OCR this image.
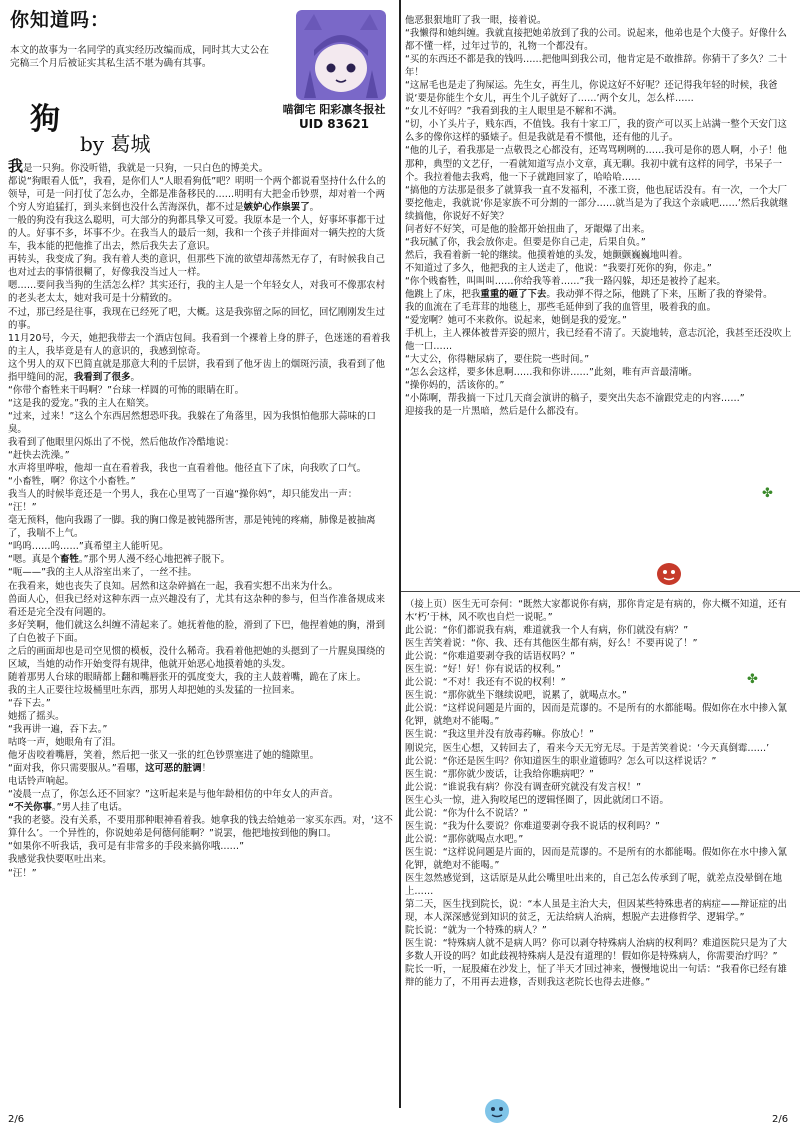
你知道吗：
本文的故事为一名同学的真实经历改编而成，同时其大丈公在完稿三个月后被证实其私生活不堪为确有其事。
狗
by 葛城
喵御宅 阳彩凛冬报社
UID 83621

我是一只狗。你没听错，我就是一只狗，一只白色的博美犬。

都说“狗眼看人低”，我看，是你们人“人眼看狗低”吧？明明一个两个都说看坚持什么什么的领导，可是一问打仗了怎么办，全都是准备移民的……明明有大把金币钞票，却对着一个两个穷人穷追猛打，到头来倒也没什么苦海深仇，都不过是嫉妒心作祟罢了。

一般的狗没有我这么聪明，可大部分的狗都具挚又可爱。我原本是一个人，好事坏事都干过的人。好事不多，坏事不少。在我当人的最后一刻，我和一个孩子并排面对一辆失控的大货车，我本能的把他推了出去，然后我失去了意识。

再转头，我变成了狗。我有着人类的意识，但那些下流的欲望却荡然无存了，有时候我自己也对过去的事情很糊了，好像我没当过人一样。

嗯……要问我当狗的生活怎么样？其实还行，我的主人是一个年轻女人，对我可不像那农村的老头老太太，她对我可是十分精致的。

不过，那已经是往事，我现在已经死了吧，大概。这是我弥留之际的回忆，回忆刚刚发生过的事。

11月20号，今天，她把我带去一个酒店包间。我看到一个裸着上身的胖子，色迷迷的看着我的主人，我毕竟是有人的意识的，我感到惊奇。

这个男人的双下巴简直就是那意大利的千层饼，我看到了他牙齿上的烟斑污渍，我看到了他指甲缝间的泥，我看到了很多。

“你带个畜牲来干吗啊？”台球一样圆的可怖的眼睛在盯。

“这是我的爱宠。”我的主人在赔笑。

“过来，过来！”这么个东西居然想恐吓我。我躲在了角落里，因为我惧怕他那大蒜味的口臭。

我看到了他眼里闪烁出了不悦，然后他故作冷酷地说：

“赶快去洗澡。”

水声将里哗啦，他却一直在看着我，我也一直看着他。他径直下了床，向我吹了口气。

“小畜牲，啊？你这个小畜牲。”

我当人的时候毕竟还是一个男人，我在心里骂了一百遍“操你妈”，却只能发出一声：

“汪！”

毫无预料，他向我踢了一脚。我的胸口像是被钝器所害，那是钝钝的疼痛，肺像是被抽离了，我喘不上气。

“呜呜……呜……”真希望主人能听见。

“嗯。真是个畜牲。”那个男人漫不经心地把裤子脱下。

“呃——”我的主人从浴室出来了，一丝不挂。

在我看来，她也丧失了良知。居然和这杂碎搞在一起，我看实想不出来为什么。

兽面人心，但我已经对这种东西一点兴趣没有了，尤其有这杂种的参与，但当作准备规成来看还是完全没有问题的。

多好笑啊，他们就这么纠缠不清起来了。她抚着他的脸，滑到了下巴，他捏着她的胸，滑到了白色被子下面。

之后的画面却也是司空见惯的模板，没什么稀奇。我看着他把她的头摁到了一片腥臭围绕的区域，当她的动作开始变得有规律，他就开始恶心地摸着她的头发。

随着那男人台球的眼睛都上翻和嘴唇张开的弧度变大，我的主人鼓着嘴，跪在了床上。

我的主人正要往垃圾桶里吐东西，那男人却把她的头发猛的一拉回来。

“吞下去。”

她摇了摇头。

“我再讲一遍，吞下去。”

咕咚一声，她眼角有了泪。

他牙齿咬着嘴唇，笑着，然后把一张又一张的红色钞票塞进了她的缝隙里。

“面对我，你只需要服从。”看哪，这可恶的脏调！

电话铃声响起。

“凌晨一点了，你怎么还不回家？”这听起来是与他年龄相仿的中年女人的声音。

“不关你事。”男人挂了电话。

“我的老婆。没有关系，不要用那种眼神看着我。她拿我的钱去给她弟一家买东西。对，‘这不算什么’。一个异性的，你说她弟是何德何能啊？”说罢，他把地按到他的胸口。

“如果你不听我话，我可是有非常多的手段来搞你哦……”

我感觉我快要呕吐出来。

“汪！”

他恶狠狠地盯了我一眼，接着说。

“我懒得和她纠缠。我就直接把她弟放到了我的公司。说起来，他弟也是个大傻子。好像什么都不懂一样，过年过节的，礼物一个都没有。

“买的东西还不都是我的钱吗……把他叫到我公司，他肯定是不敢推辞。你猜干了多久？二十年！

“这屌毛也是走了狗屎运。先生女，再生儿，你说这好不好呢？还记得我年轻的时候，我爸说‘要是你能生个女儿，再生个儿子就好了……’两个女儿，怎么样……

“女儿不好吗？”我看到我的主人眼里是不解和不满。

“切，小丫头片子，贱东西，不值钱。我有十家工厂，我的资产可以买上站满一整个天安门这么多的像你这样的骚婊子。但是我就是看不惯他，还有他的儿子。

“他的儿子，看我那是一点敬畏之心都没有，还骂骂咧咧的……我可是你的恩人啊，小子！他那种，典型的文艺仔，一看就知道写点小文章，真无聊。我初中就有这样的同学，书呆子一个。我拉着他去我鸡，他一下子就跑回家了，哈哈哈……

“搞他的方法那是很多了就算我一直不发福利，不涨工资，他也屁话没有。有一次，一个大厂要挖他走，我就说‘你是家族不可分割的一部分……就当是为了我这个亲戚吧……’然后我就继续搞他，你说好不好笑？

问者好不好笑，可是他的脸都开始扭曲了，牙龈爆了出来。

“我玩腻了你，我会放你走。但要是你自己走，后果自负。”

然后，我看着新一轮的继续。他摸着她的头发，她颤颤巍巍地叫着。

不知道过了多久，他把我的主人送走了，他说：“我要打死你的狗，你走。”

“你个贱畜牲，叫叫叫……你给我等着……”我一路闪躲，却还是被拎了起来。

他跳上了床，把我重重的砸了下去。我动弹不得之际，他跳了下来，压断了我的脊梁骨。

我的血流在了毛茸茸的地毯上，那些毛延伸到了我的血管里，吸着我的血。

“爱宠啊？她可不来救你。说起来，她倒是我的爱宠。”

手机上，主人裸体被普弄姿的照片，我已经看不清了。天旋地转，意志沉沦，我甚至还没吹上他一口……

“大丈公，你得糖尿病了，要住院一些时间。”

“怎么会这样，要多休息啊……我和你讲……”此刻，唯有声音最清晰。

“操你妈的，活该你的。”

“小陈啊，帮我搞一下过几天商会演讲的稿子，要突出失态不渝跟党走的内容……”

迎接我的是一片黑暗，然后是什么都没有。

（接上页）医生无可奈何：“既然大家都说你有病，那你肯定是有病的，你大概不知道，还有木‘朽’于林，风不吹也自烂一说呢。”

此公说：“你们都说我有病，难道就我一个人有病，你们就没有病？”

医生苦笑着说：“你、我、还有其他医生都有病，好么！不要再说了！”

此公说：“你难道要剥夺我的话语权吗？”

医生说：“好！好！你有说话的权利。”

此公说：“不对！我还有不说的权利！”

医生说：“那你就坐下继续说吧，说累了，就喝点水。”

此公说：“这样说问题是片面的，因而是荒谬的。不是所有的水都能喝。假如你在水中掺入氰化钾，就绝对不能喝。”

医生说：“我这里并没有放毒药嘛。你放心！”

刚说完，医生心想，又转回去了，看来今天无穷无尽。于是苦笑着说：‘今天真倒霉……’

此公说：“你还是医生吗？你知道医生的职业道德吗？怎么可以这样说话？”

医生说：“那你就少废话，让我给你瞧病吧？”

此公说：“谁说我有病？你没有调查研究就没有发言权！”

医生心头一惊，进入狗咬尾巴的逻辑怪圈了，因此就闭口不语。

此公说：“你为什么不说话？”

医生说：“我为什么要说？你难道要剥夺我不说话的权利吗？”

此公说：“那你就喝点水吧。”

医生说：“这样说问题是片面的，因而是荒谬的。不是所有的水都能喝。假如你在水中掺入氰化钾，就绝对不能喝。”

医生忽然感觉到，这话原是从此公嘴里吐出来的，自己怎么传承到了呢，就差点没晕倒在地上……

第二天，医生找到院长，说：“本人虽是主治大夫，但因某些特殊患者的病症——辩证症的出现，本人深深感觉到知识的贫乏，无法给病人治病，想脱产去进修哲学、逻辑学。”

院长说：“就为一个特殊的病人？”

医生说：“特殊病人就不是病人吗？你可以剥夺特殊病人治病的权利吗？难道医院只是为了大多数人开设的吗？如此歧视特殊病人是没有道理的！假如你是特殊病人，你需要治疗吗？”

院长一听，一屁股瘫在沙发上，怔了半天才回过神来，慢慢地说出一句话：“我看你已经有雄辩的能力了，不用再去进修，否则我这老院长也得去进修。”

✤
✤
2/6	2/6
